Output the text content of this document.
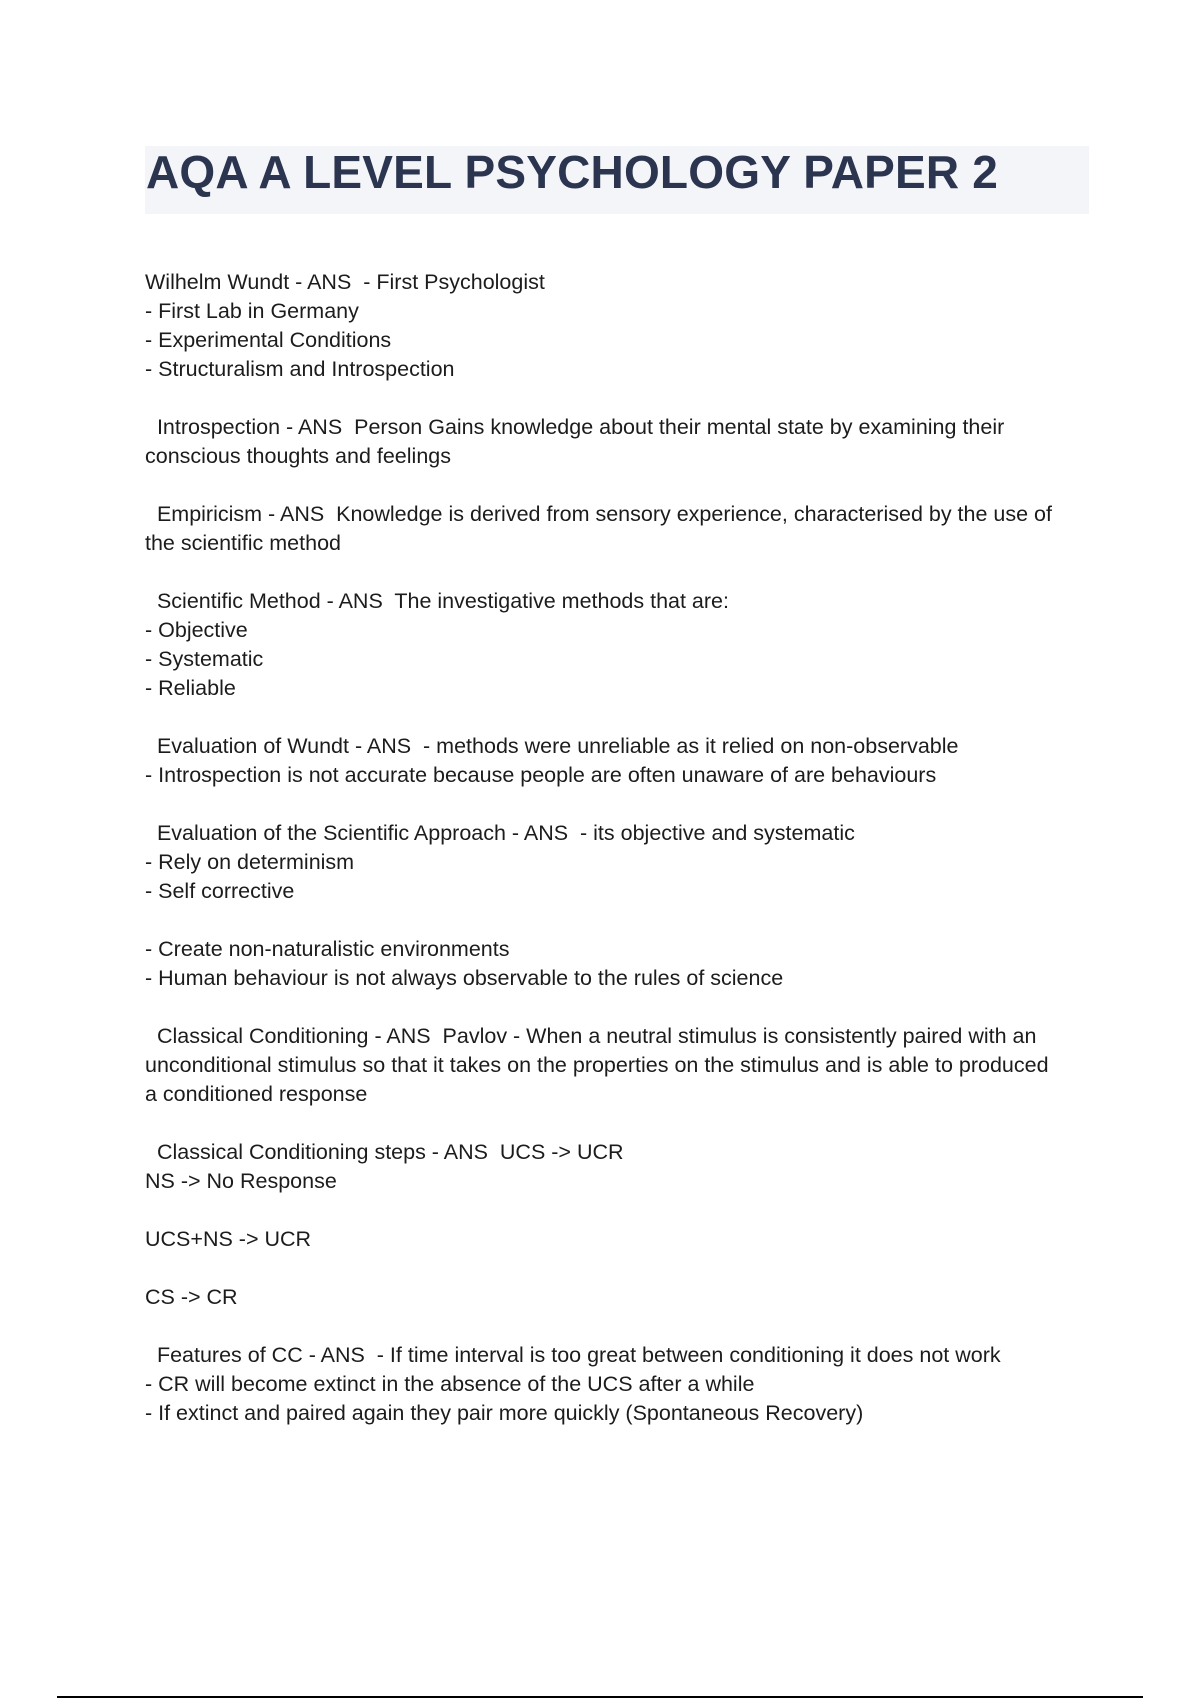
AQA A LEVEL PSYCHOLOGY PAPER 2
Wilhelm Wundt - ANS  - First Psychologist
- First Lab in Germany
- Experimental Conditions
- Structuralism and Introspection
Introspection - ANS  Person Gains knowledge about their mental state by examining their
conscious thoughts and feelings
Empiricism - ANS  Knowledge is derived from sensory experience, characterised by the use of
the scientific method
Scientific Method - ANS  The investigative methods that are:
- Objective
- Systematic
- Reliable
Evaluation of Wundt - ANS  - methods were unreliable as it relied on non-observable
- Introspection is not accurate because people are often unaware of are behaviours
Evaluation of the Scientific Approach - ANS  - its objective and systematic
- Rely on determinism
- Self corrective
- Create non-naturalistic environments
- Human behaviour is not always observable to the rules of science
Classical Conditioning - ANS  Pavlov - When a neutral stimulus is consistently paired with an
unconditional stimulus so that it takes on the properties on the stimulus and is able to produced
a conditioned response
Classical Conditioning steps - ANS  UCS -> UCR
NS -> No Response
UCS+NS -> UCR
CS -> CR
Features of CC - ANS  - If time interval is too great between conditioning it does not work
- CR will become extinct in the absence of the UCS after a while
- If extinct and paired again they pair more quickly (Spontaneous Recovery)
